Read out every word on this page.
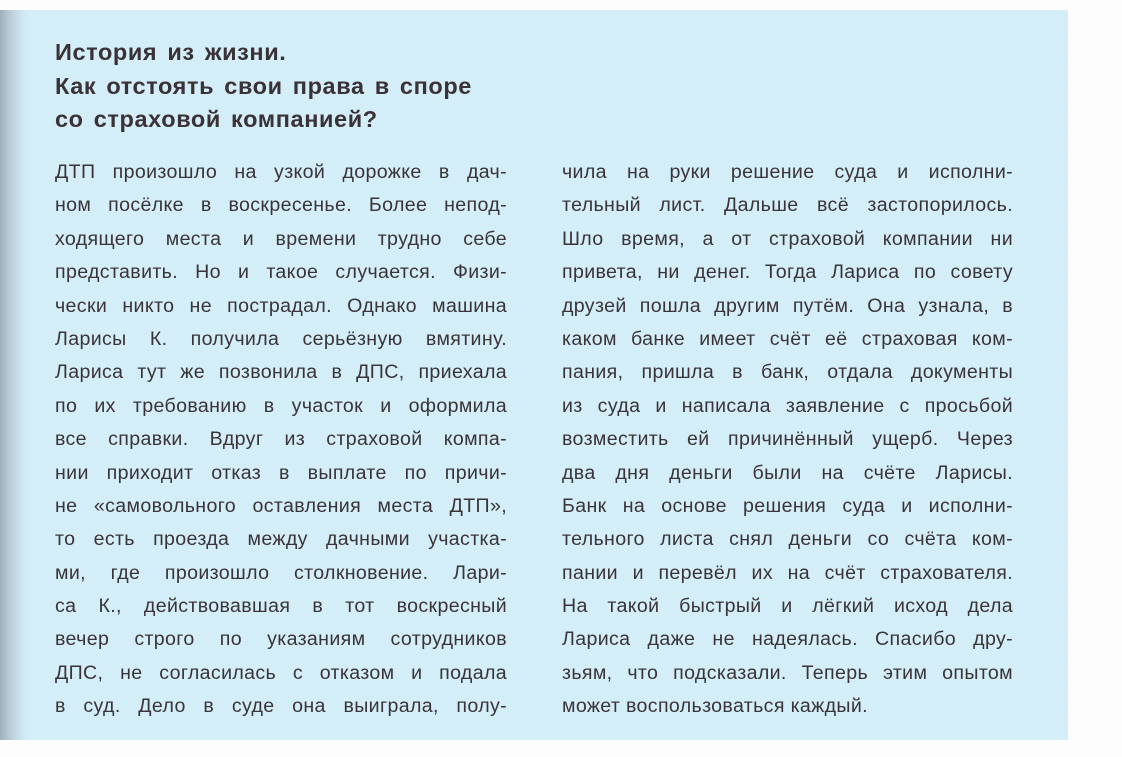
История из жизни.
Как отстоять свои права в споре
со страховой компанией?
ДТП произошло на узкой дорожке в дач-
ном посёлке в воскресенье. Более непод-
ходящего места и времени трудно себе
представить. Но и такое случается. Физи-
чески никто не пострадал. Однако машина
Ларисы К. получила серьёзную вмятину.
Лариса тут же позвонила в ДПС, приехала
по их требованию в участок и оформила
все справки. Вдруг из страховой компа-
нии приходит отказ в выплате по причи-
не «самовольного оставления места ДТП»,
то есть проезда между дачными участка-
ми, где произошло столкновение. Лари-
са К., действовавшая в тот воскресный
вечер строго по указаниям сотрудников
ДПС, не согласилась с отказом и подала
в суд. Дело в суде она выиграла, полу-
чила на руки решение суда и исполни-
тельный лист. Дальше всё застопорилось.
Шло время, а от страховой компании ни
привета, ни денег. Тогда Лариса по совету
друзей пошла другим путём. Она узнала, в
каком банке имеет счёт её страховая ком-
пания, пришла в банк, отдала документы
из суда и написала заявление с просьбой
возместить ей причинённый ущерб. Через
два дня деньги были на счёте Ларисы.
Банк на основе решения суда и исполни-
тельного листа снял деньги со счёта ком-
пании и перевёл их на счёт страхователя.
На такой быстрый и лёгкий исход дела
Лариса даже не надеялась. Спасибо дру-
зьям, что подсказали. Теперь этим опытом
может воспользоваться каждый.
